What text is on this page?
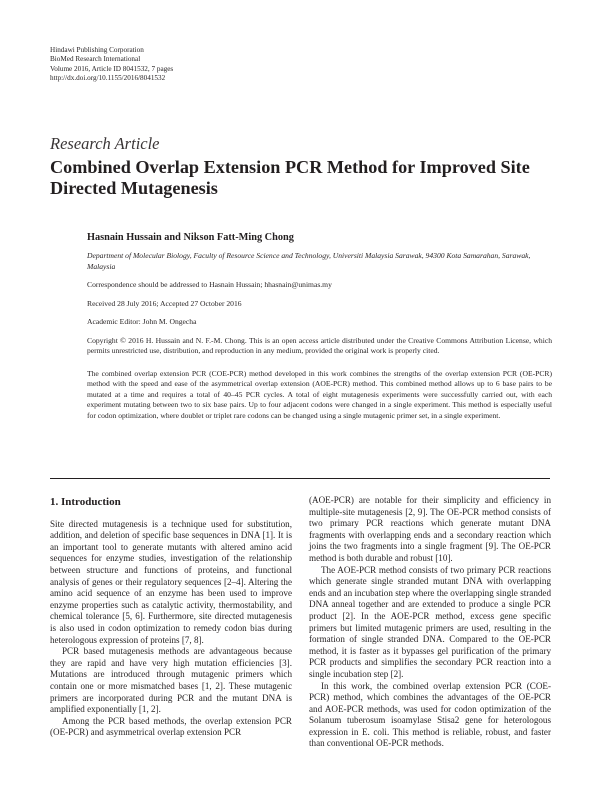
Hindawi Publishing Corporation
BioMed Research International
Volume 2016, Article ID 8041532, 7 pages
http://dx.doi.org/10.1155/2016/8041532
Research Article
Combined Overlap Extension PCR Method for Improved Site Directed Mutagenesis
Hasnain Hussain and Nikson Fatt-Ming Chong
Department of Molecular Biology, Faculty of Resource Science and Technology, Universiti Malaysia Sarawak, 94300 Kota Samarahan, Sarawak, Malaysia
Correspondence should be addressed to Hasnain Hussain; hhasnain@unimas.my
Received 28 July 2016; Accepted 27 October 2016
Academic Editor: John M. Ongecha
Copyright © 2016 H. Hussain and N. F.-M. Chong. This is an open access article distributed under the Creative Commons Attribution License, which permits unrestricted use, distribution, and reproduction in any medium, provided the original work is properly cited.
The combined overlap extension PCR (COE-PCR) method developed in this work combines the strengths of the overlap extension PCR (OE-PCR) method with the speed and ease of the asymmetrical overlap extension (AOE-PCR) method. This combined method allows up to 6 base pairs to be mutated at a time and requires a total of 40–45 PCR cycles. A total of eight mutagenesis experiments were successfully carried out, with each experiment mutating between two to six base pairs. Up to four adjacent codons were changed in a single experiment. This method is especially useful for codon optimization, where doublet or triplet rare codons can be changed using a single mutagenic primer set, in a single experiment.
1. Introduction

Site directed mutagenesis is a technique used for substitution, addition, and deletion of specific base sequences in DNA [1]. It is an important tool to generate mutants with altered amino acid sequences for enzyme studies, investigation of the relationship between structure and functions of proteins, and functional analysis of genes or their regulatory sequences [2–4]. Altering the amino acid sequence of an enzyme has been used to improve enzyme properties such as catalytic activity, thermostability, and chemical tolerance [5, 6]. Furthermore, site directed mutagenesis is also used in codon optimization to remedy codon bias during heterologous expression of proteins [7, 8].

PCR based mutagenesis methods are advantageous because they are rapid and have very high mutation efficiencies [3]. Mutations are introduced through mutagenic primers which contain one or more mismatched bases [1, 2]. These mutagenic primers are incorporated during PCR and the mutant DNA is amplified exponentially [1, 2].

Among the PCR based methods, the overlap extension PCR (OE-PCR) and asymmetrical overlap extension PCR

(AOE-PCR) are notable for their simplicity and efficiency in multiple-site mutagenesis [2, 9]. The OE-PCR method consists of two primary PCR reactions which generate mutant DNA fragments with overlapping ends and a secondary reaction which joins the two fragments into a single fragment [9]. The OE-PCR method is both durable and robust [10].

The AOE-PCR method consists of two primary PCR reactions which generate single stranded mutant DNA with overlapping ends and an incubation step where the overlapping single stranded DNA anneal together and are extended to produce a single PCR product [2]. In the AOE-PCR method, excess gene specific primers but limited mutagenic primers are used, resulting in the formation of single stranded DNA. Compared to the OE-PCR method, it is faster as it bypasses gel purification of the primary PCR products and simplifies the secondary PCR reaction into a single incubation step [2].

In this work, the combined overlap extension PCR (COE-PCR) method, which combines the advantages of the OE-PCR and AOE-PCR methods, was used for codon optimization of the Solanum tuberosum isoamylase Stisa2 gene for heterologous expression in E. coli. This method is reliable, robust, and faster than conventional OE-PCR methods.
